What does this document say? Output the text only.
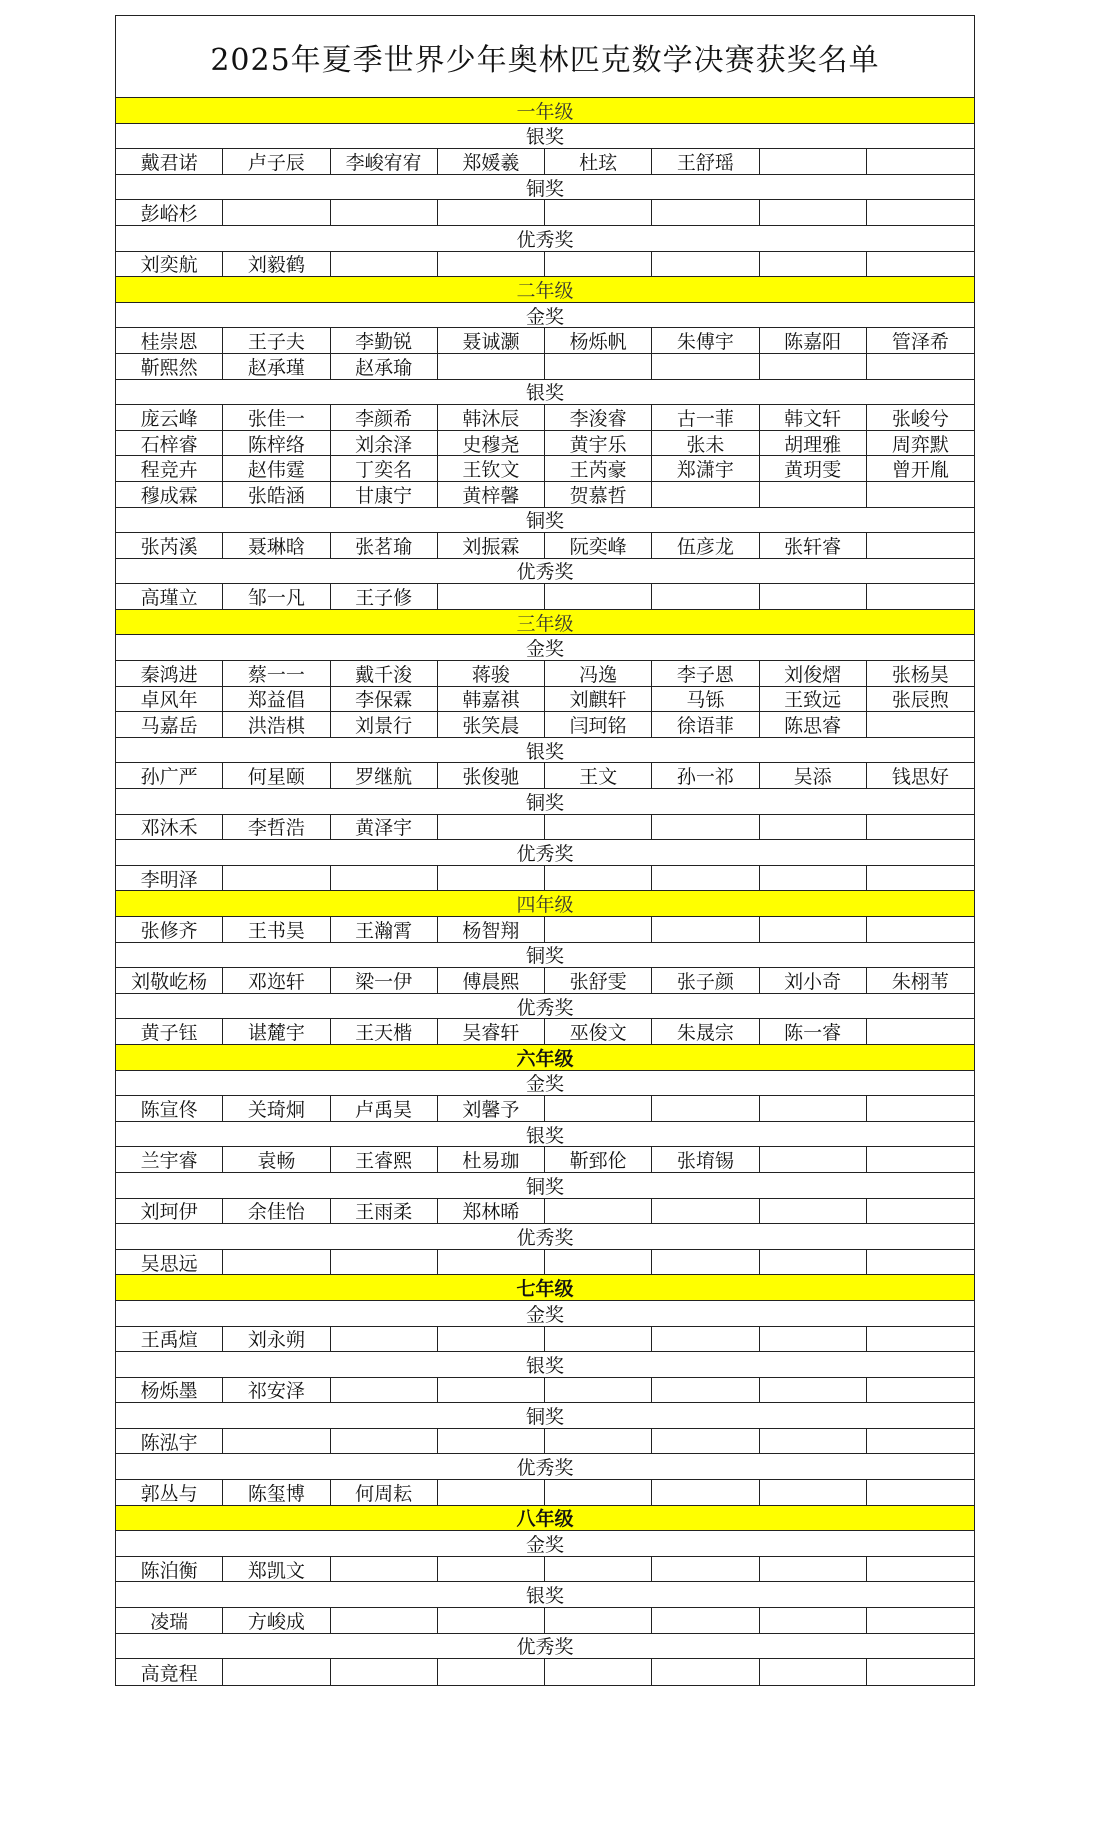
2025年夏季世界少年奥林匹克数学决赛获奖名单
一年级
银奖
戴君诺	卢子辰	李峻宥宥	郑媛羲	杜玹	王舒瑶
铜奖
彭峪杉
优秀奖
刘奕航	刘毅鹤
二年级
金奖
桂崇恩	王子夫	李勤锐	聂诚灏	杨烁帆	朱傅宇	陈嘉阳	管泽希
靳熙然	赵承瑾	赵承瑜
银奖
庞云峰	张佳一	李颜希	韩沐辰	李浚睿	古一菲	韩文轩	张峻兮
石梓睿	陈梓络	刘余泽	史穆尧	黄宇乐	张未	胡理雅	周弈默
程竞卉	赵伟霆	丁奕名	王钦文	王芮豪	郑潇宇	黄玥雯	曾开胤
穆成霖	张皓涵	甘康宁	黄梓馨	贺慕哲
铜奖
张芮溪	聂琳晗	张茗瑜	刘振霖	阮奕峰	伍彦龙	张轩睿
优秀奖
高瑾立	邹一凡	王子修
三年级
金奖
秦鸿进	蔡一一	戴千浚	蒋骏	冯逸	李子恩	刘俊熠	张杨昊
卓风年	郑益倡	李保霖	韩嘉祺	刘麒轩	马铄	王致远	张辰煦
马嘉岳	洪浩棋	刘景行	张笑晨	闫珂铭	徐语菲	陈思睿
银奖
孙广严	何星颐	罗继航	张俊驰	王文	孙一祁	吴添	钱思好
铜奖
邓沐禾	李哲浩	黄泽宇
优秀奖
李明泽
四年级
张修齐	王书昊	王瀚霄	杨智翔
铜奖
刘敬屹杨	邓迩轩	梁一伊	傅晨熙	张舒雯	张子颜	刘小奇	朱栩苇
优秀奖
黄子钰	谌麓宇	王天楷	吴睿轩	巫俊文	朱晟宗	陈一睿
六年级
金奖
陈宣佟	关琦炯	卢禹昊	刘馨予
银奖
兰宇睿	袁畅	王睿熙	杜易珈	靳郅伦	张堉锡
铜奖
刘珂伊	余佳怡	王雨柔	郑林晞
优秀奖
吴思远
七年级
金奖
王禹煊	刘永朔
银奖
杨烁墨	祁安泽
铜奖
陈泓宇
优秀奖
郭丛与	陈玺博	何周耘
八年级
金奖
陈泊衡	郑凯文
银奖
凌瑞	方峻成
优秀奖
高竟程
